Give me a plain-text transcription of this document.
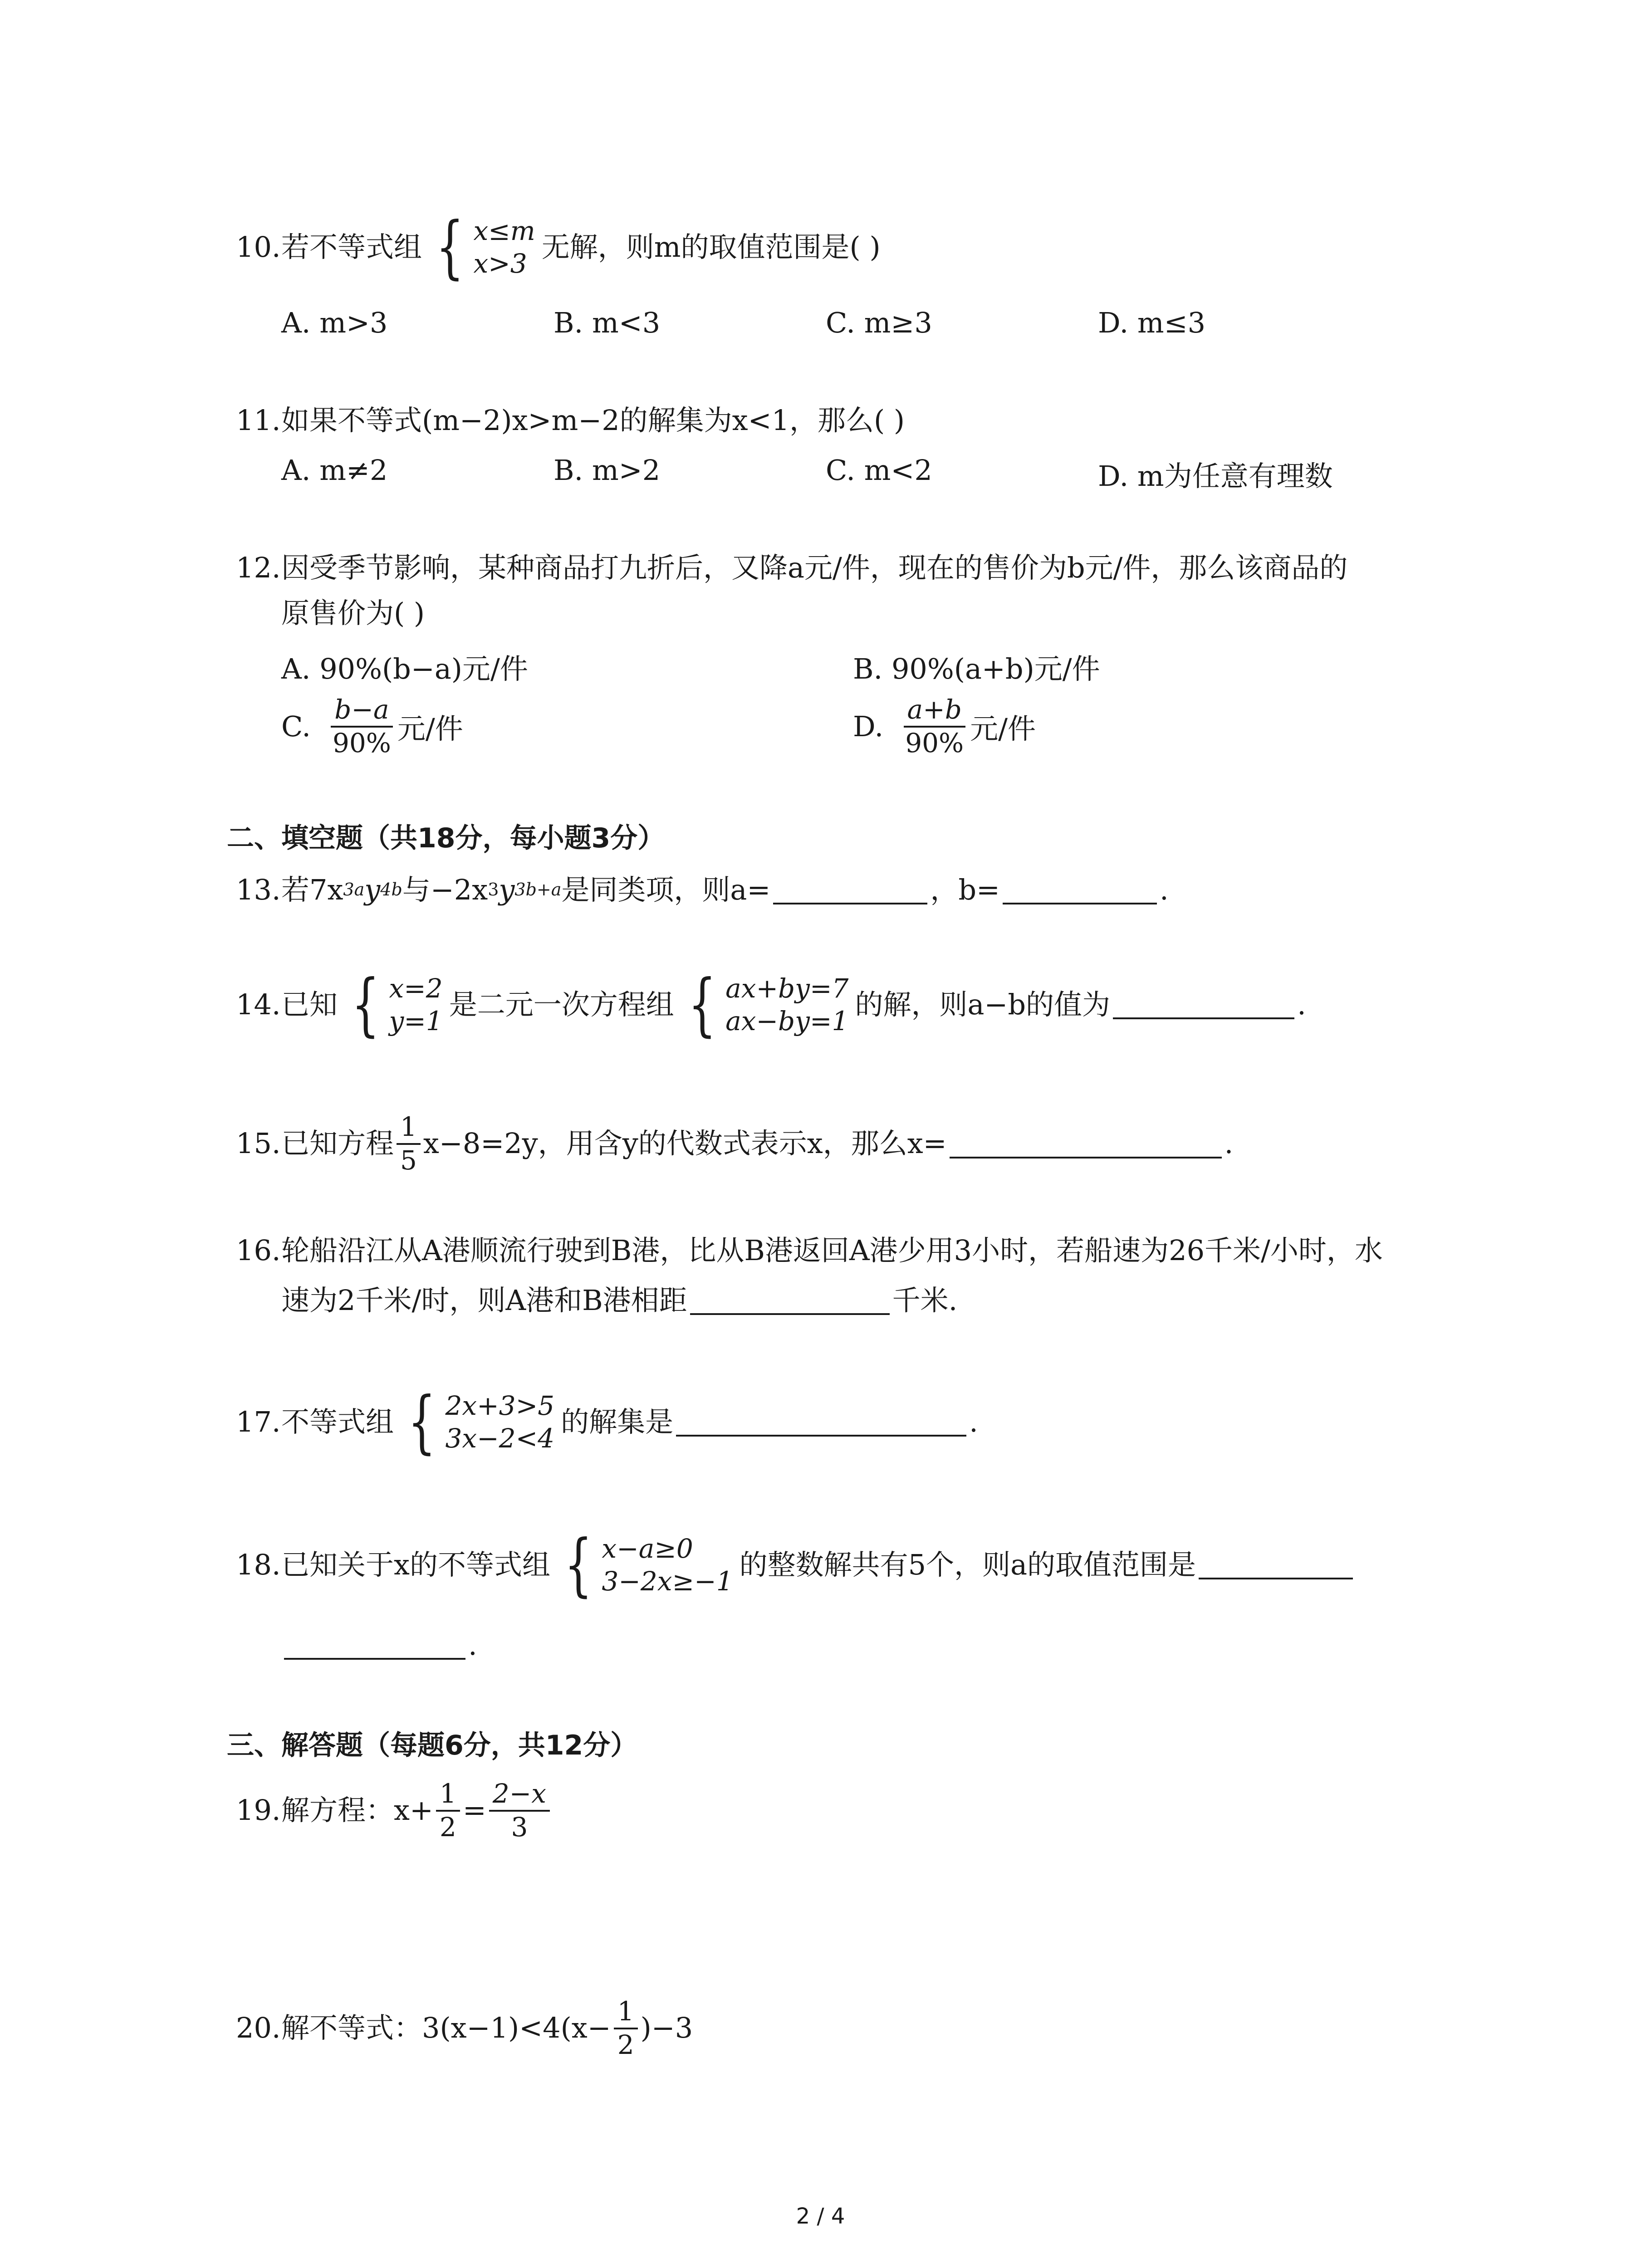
10. 若不等式组 { x≤m
x>3
无解，则m的取值范围是( )
A. m>3	B. m<3	C. m≥3	D. m≤3
11. 如果不等式(m−2)x>m−2的解集为x<1，那么( )
A. m≠2	B. m>2	C. m<2	D. m为任意有理数
12. 因受季节影响，某种商品打九折后，又降a元/件，现在的售价为b元/件，那么该商品的
原售价为( )
A. 90%(b−a)元/件	B. 90%(a+b)元/件
C. $\frac{b-a}{90\%}$ 元/件	D. $\frac{a+b}{90\%}$ 元/件
二、填空题（共18分，每小题3分）
13. 若7x 3a y 4b 与−2x 3 y 3b+a 是同类项，则a=	，b=	.
14. 已知 { x=2
y=1
是二元一次方程组 { ax+by=7
ax−by=1
的解，则a−b的值为	.
15. 已知方程 $\frac{1}{5} x-8=2y$，用含y的代数式表示x，那么x=	.
16. 轮船沿江从A港顺流行驶到B港，比从B港返回A港少用3小时，若船速为26千米/小时，水
速为2千米/时，则A港和B港相距	千米.
17. 不等式组 { 2x+3>5
3x−2<4
的解集是	.
18. 已知关于x的不等式组 { x−a≥0
3−2x≥−1
的整数解共有5个，则a的取值范围是
.
三、解答题（每题6分，共12分）
19. 解方程：$x+ \frac{1}{2} = \frac{2-x}{3}$
20. 解不等式：$3(x-1)<4(x- \frac{1}{2} )-3$
2 / 4
